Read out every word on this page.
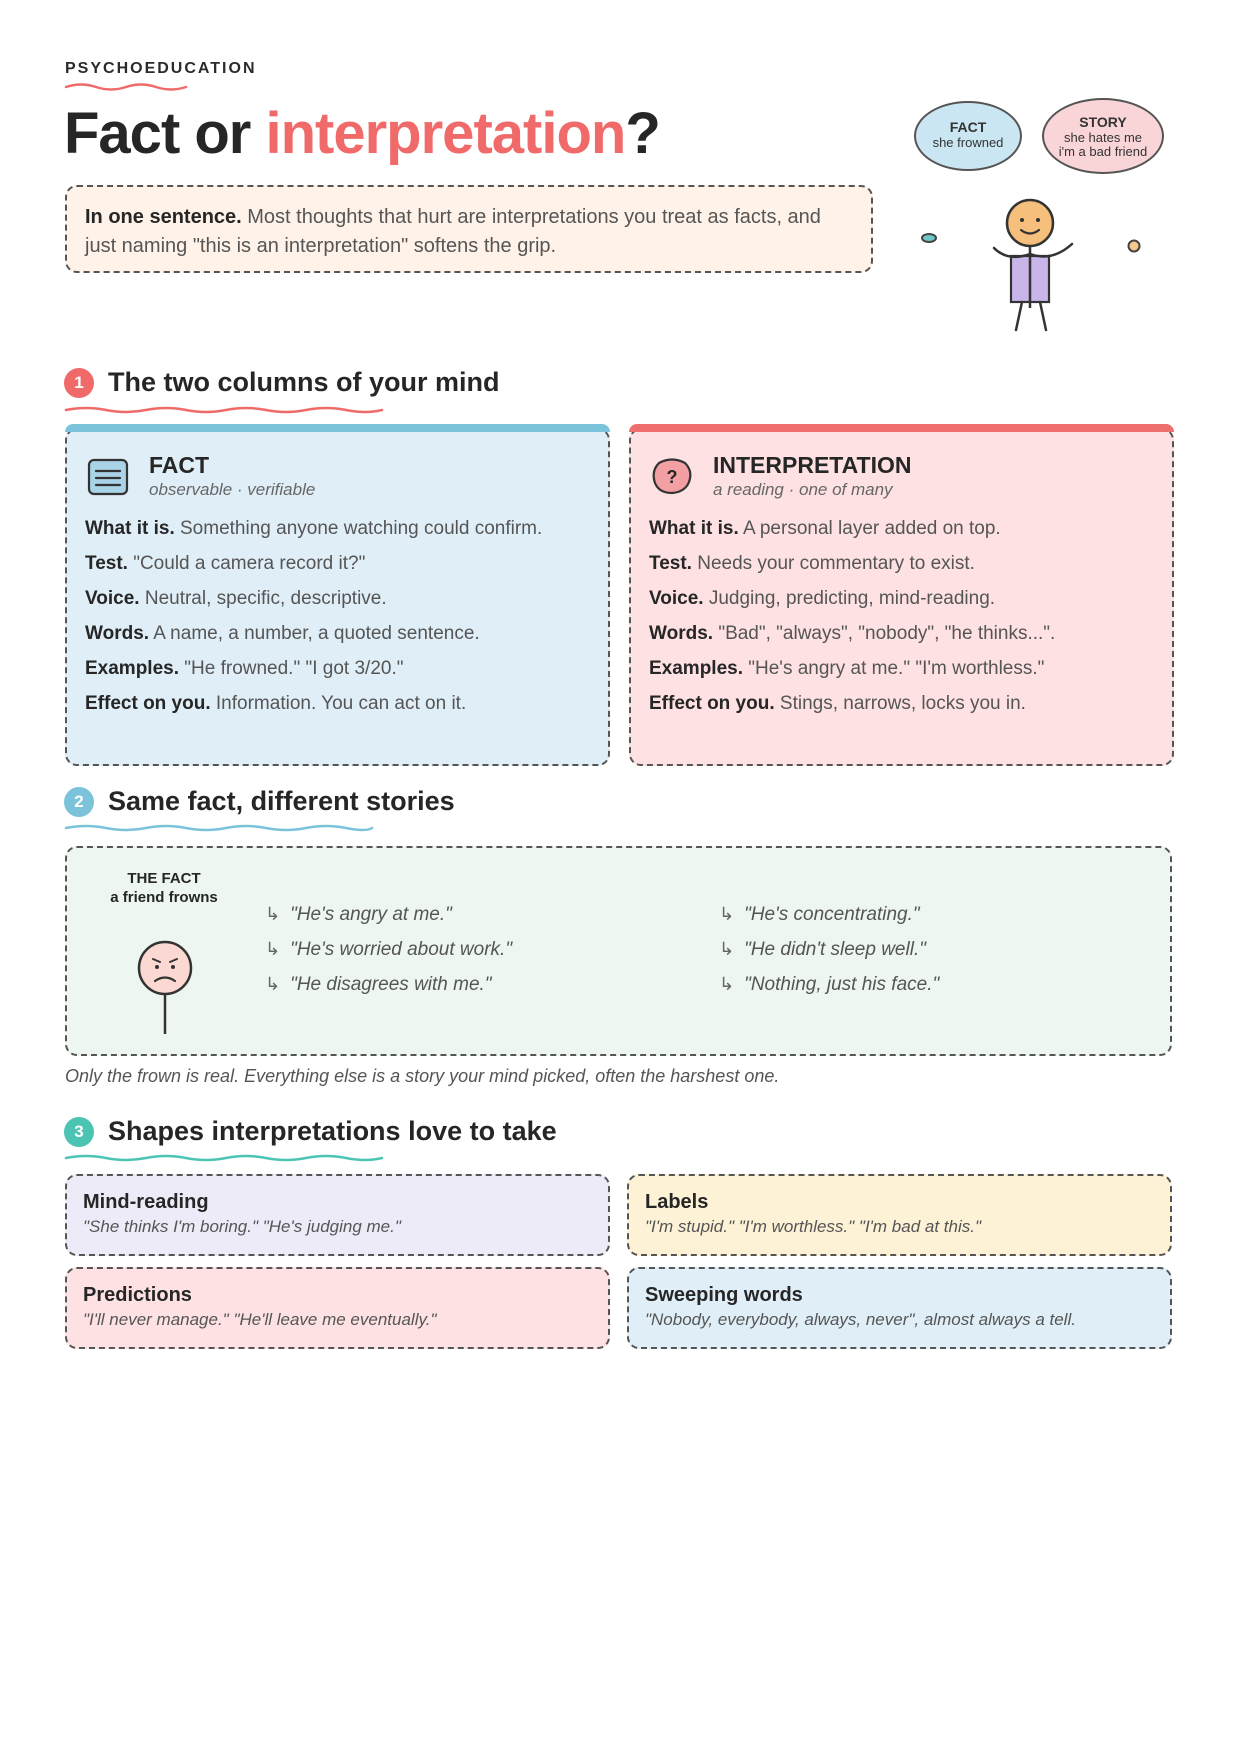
PSYCHOEDUCATION
Fact or interpretation?
In one sentence. Most thoughts that hurt are interpretations you treat as facts, and just naming "this is an interpretation" softens the grip.
FACT
she frowned
STORY
she hates me
i'm a bad friend
1 The two columns of your mind
FACT
observable · verifiable
What it is. Something anyone watching could confirm.
Test. "Could a camera record it?"
Voice. Neutral, specific, descriptive.
Words. A name, a number, a quoted sentence.
Examples. "He frowned." "I got 3/20."
Effect on you. Information. You can act on it.
? INTERPRETATION
a reading · one of many
What it is. A personal layer added on top.
Test. Needs your commentary to exist.
Voice. Judging, predicting, mind-reading.
Words. "Bad", "always", "nobody", "he thinks...".
Examples. "He's angry at me." "I'm worthless."
Effect on you. Stings, narrows, locks you in.
2 Same fact, different stories
THE FACT
a friend frowns
↳ "He's angry at me."
↳ "He's worried about work."
↳ "He disagrees with me."
↳ "He's concentrating."
↳ "He didn't sleep well."
↳ "Nothing, just his face."
Only the frown is real. Everything else is a story your mind picked, often the harshest one.
3 Shapes interpretations love to take
Mind-reading
"She thinks I'm boring." "He's judging me."
Labels
"I'm stupid." "I'm worthless." "I'm bad at this."
Predictions
"I'll never manage." "He'll leave me eventually."
Sweeping words
"Nobody, everybody, always, never", almost always a tell.
